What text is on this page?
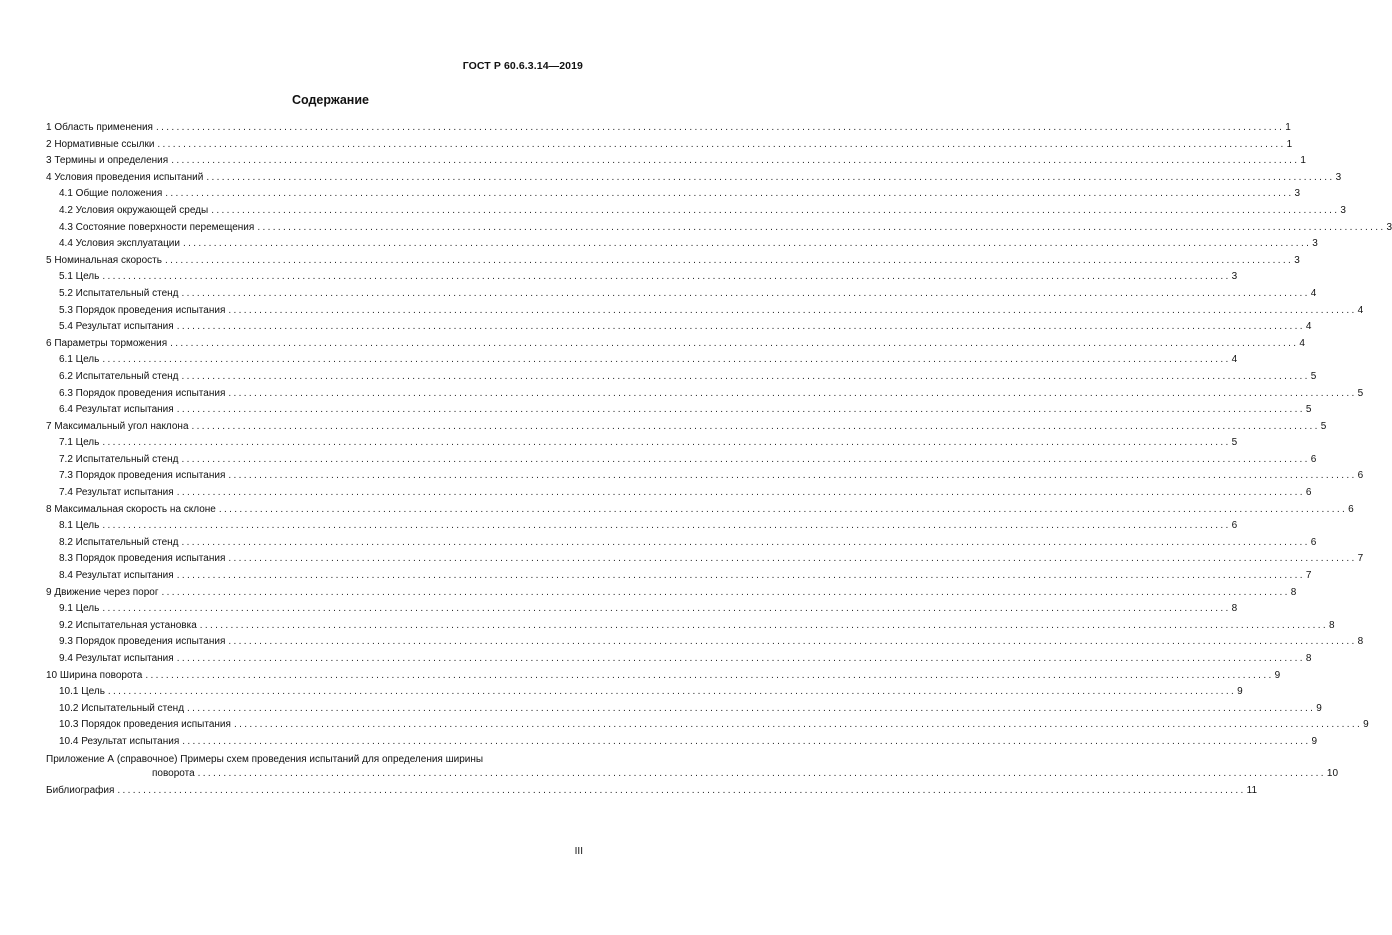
ГОСТ Р 60.6.3.14—2019
Содержание
1 Область применения ............................................................................................................................................................................................................................ 1
2 Нормативные ссылки ............................................................................................................................................................................................................................ 1
3 Термины и определения ............................................................................................................................................................................................................................ 1
4 Условия проведения испытаний ............................................................................................................................................................................................................................ 3
4.1 Общие положения ............................................................................................................................................................................................................................ 3
4.2 Условия окружающей среды ............................................................................................................................................................................................................................ 3
4.3 Состояние поверхности перемещения ............................................................................................................................................................................................................................ 3
4.4 Условия эксплуатации ............................................................................................................................................................................................................................ 3
5 Номинальная скорость ............................................................................................................................................................................................................................ 3
5.1 Цель ............................................................................................................................................................................................................................ 3
5.2 Испытательный стенд ............................................................................................................................................................................................................................ 4
5.3 Порядок проведения испытания ............................................................................................................................................................................................................................ 4
5.4 Результат испытания ............................................................................................................................................................................................................................ 4
6 Параметры торможения ............................................................................................................................................................................................................................ 4
6.1 Цель ............................................................................................................................................................................................................................ 4
6.2 Испытательный стенд ............................................................................................................................................................................................................................ 5
6.3 Порядок проведения испытания ............................................................................................................................................................................................................................ 5
6.4 Результат испытания ............................................................................................................................................................................................................................ 5
7 Максимальный угол наклона ............................................................................................................................................................................................................................ 5
7.1 Цель ............................................................................................................................................................................................................................ 5
7.2 Испытательный стенд ............................................................................................................................................................................................................................ 6
7.3 Порядок проведения испытания ............................................................................................................................................................................................................................ 6
7.4 Результат испытания ............................................................................................................................................................................................................................ 6
8 Максимальная скорость на склоне ............................................................................................................................................................................................................................ 6
8.1 Цель ............................................................................................................................................................................................................................ 6
8.2 Испытательный стенд ............................................................................................................................................................................................................................ 6
8.3 Порядок проведения испытания ............................................................................................................................................................................................................................ 7
8.4 Результат испытания ............................................................................................................................................................................................................................ 7
9 Движение через порог ............................................................................................................................................................................................................................ 8
9.1 Цель ............................................................................................................................................................................................................................ 8
9.2 Испытательная установка ............................................................................................................................................................................................................................ 8
9.3 Порядок проведения испытания ............................................................................................................................................................................................................................ 8
9.4 Результат испытания ............................................................................................................................................................................................................................ 8
10 Ширина поворота ............................................................................................................................................................................................................................ 9
10.1 Цель ............................................................................................................................................................................................................................ 9
10.2 Испытательный стенд ............................................................................................................................................................................................................................ 9
10.3 Порядок проведения испытания ............................................................................................................................................................................................................................ 9
10.4 Результат испытания ............................................................................................................................................................................................................................ 9
Приложение А (справочное) Примеры схем проведения испытаний для определения ширины
поворота ............................................................................................................................................................................................................................ 10
Библиография ............................................................................................................................................................................................................................ 11
III
